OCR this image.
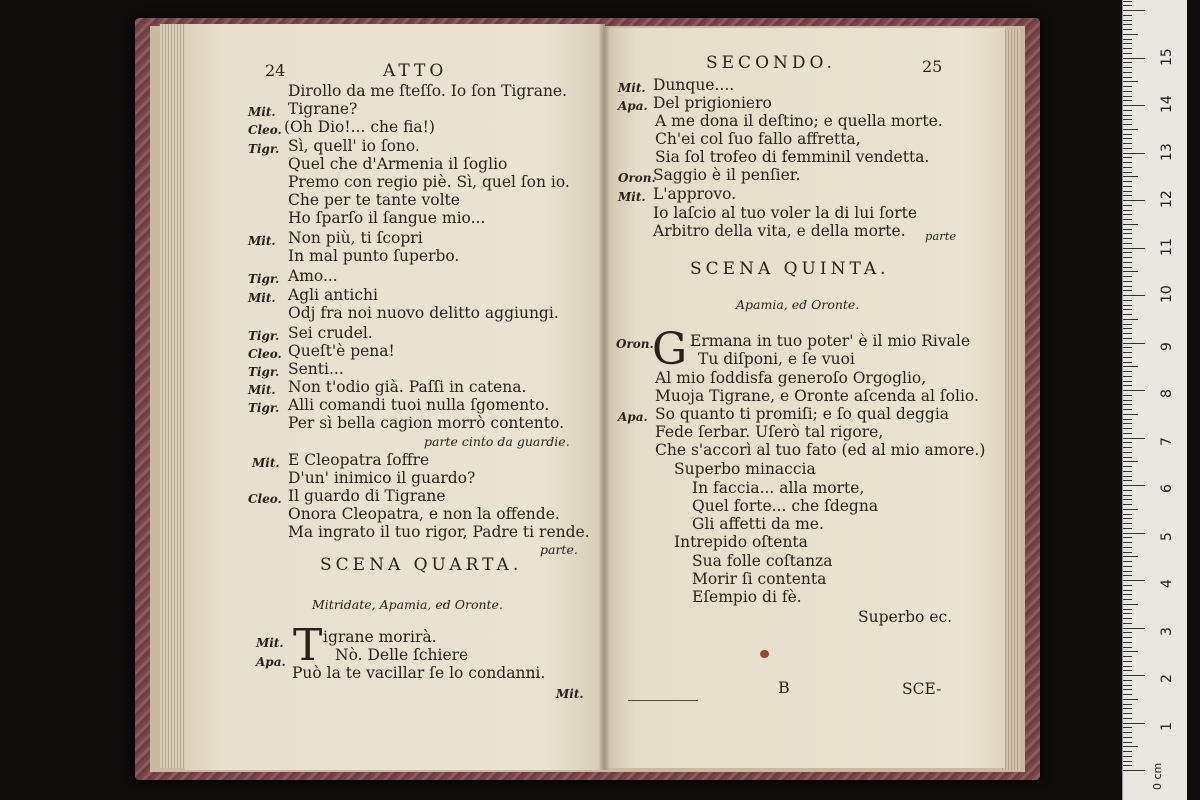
0 cm
1
2
3
4
5
6
7
8
9
10
11
12
13
14
15
24	ATTO
Dirollo da me ſteſſo. Io ſon Tigrane.
Mit. Tigrane?
Cleo. (Oh Dio!... che fia!)
Tigr. Sì, quell' io ſono.
Quel che d'Armenia il ſoglio
Premo con regio piè. Sì, quel ſon io.
Che per te tante volte
Ho ſparſo il ſangue mio...
Mit. Non più, ti ſcopri
In mal punto ſuperbo.
Tigr. Amo...
Mit. Agli antichi
Odj fra noi nuovo delitto aggiungi.
Tigr. Sei crudel.
Cleo. Queſt'è pena!
Tigr. Senti...
Mit. Non t'odio già. Paſſi in catena.
Tigr. Alli comandi tuoi nulla ſgomento.
Per sì bella cagion morrò contento.
parte cinto da guardie.
Mit. E Cleopatra ſoffre
D'un' inimico il guardo?
Cleo. Il guardo di Tigrane
Onora Cleopatra, e non la offende.
Ma ingrato il tuo rigor, Padre ti rende.
parte.
SCENA QUARTA.
Mitridate, Apamia, ed Oronte.
Mit. T igrane morirà.
Apa.	Nò. Delle ſchiere
Può la te vacillar ſe lo condanni.
Mit.
SECONDO.	25
Mit. Dunque....
Apa. Del prigioniero
A me dona il deſtino; e quella morte.
Ch'ei col ſuo fallo affretta,
Sia ſol trofeo di femminil vendetta.
Oron.
Saggio è il penſier.
Mit. L'approvo.
Io laſcio al tuo voler la di lui ſorte
Arbitro della vita, e della morte. parte
SCENA QUINTA.
Apamia, ed Oronte.
Oron.
G Ermana in tuo poter' è il mio Rivale
Tu diſponi, e ſe vuoi
Al mio ſoddisfa generoſo Orgoglio,
Muoja Tigrane, e Oronte aſcenda al ſolio.
Apa. So quanto ti promiſi; e ſo qual deggia
Fede ſerbar. Uſerò tal rigore,
Che s'accorì al tuo fato (ed al mio amore.)
Superbo minaccia
In faccia... alla morte,
Quel forte... che ſdegna
Gli affetti da me.
Intrepido oſtenta
Sua folle coſtanza
Morir ſi contenta
Eſempio di fè.
Superbo ec.
B	SCE-
